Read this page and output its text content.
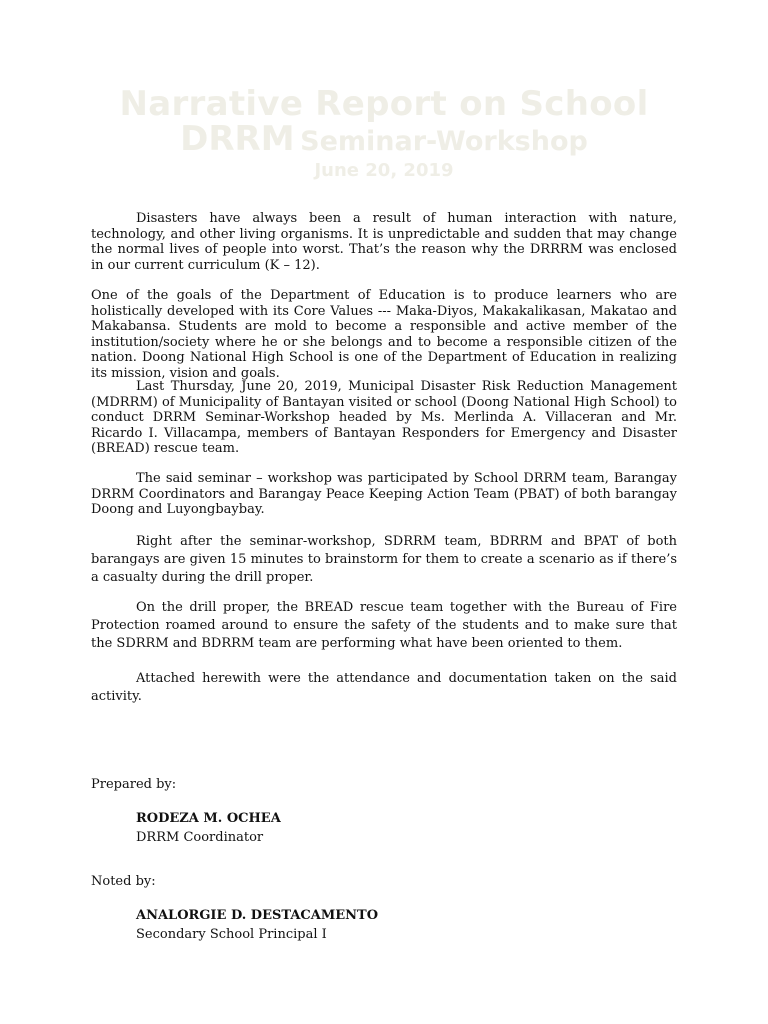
Narrative Report on School

DRRM Seminar-Workshop

June 20, 2019

Disasters have always been a result of human interaction with nature, technology, and other living organisms. It is unpredictable and sudden that may change the normal lives of people into worst. That’s the reason why the DRRRM was enclosed in our current curriculum (K – 12).

One of the goals of the Department of Education is to produce learners who are holistically developed with its Core Values --- Maka-Diyos, Makakalikasan, Makatao and Makabansa. Students are mold to become a responsible and active member of the institution/society where he or she belongs and to become a responsible citizen of the nation. Doong National High School is one of the Department of Education in realizing its mission, vision and goals.

Last Thursday, June 20, 2019, Municipal Disaster Risk Reduction Management (MDRRM) of Municipality of Bantayan visited or school (Doong National High School) to conduct DRRM Seminar-Workshop headed by Ms. Merlinda A. Villaceran and Mr. Ricardo I. Villacampa, members of Bantayan Responders for Emergency and Disaster (BREAD) rescue team.

The said seminar – workshop was participated by School DRRM team, Barangay DRRM Coordinators and Barangay Peace Keeping Action Team (PBAT) of both barangay Doong and Luyongbaybay.

Right after the seminar-workshop, SDRRM team, BDRRM and BPAT of both barangays are given 15 minutes to brainstorm for them to create a scenario as if there’s a casualty during the drill proper.

On the drill proper, the BREAD rescue team together with the Bureau of Fire Protection roamed around to ensure the safety of the students and to make sure that the SDRRM and BDRRM team are performing what have been oriented to them.

Attached herewith were the attendance and documentation taken on the said activity.

Prepared by:

RODEZA M. OCHEA

DRRM Coordinator

Noted by:

ANALORGIE D. DESTACAMENTO

Secondary School Principal I
